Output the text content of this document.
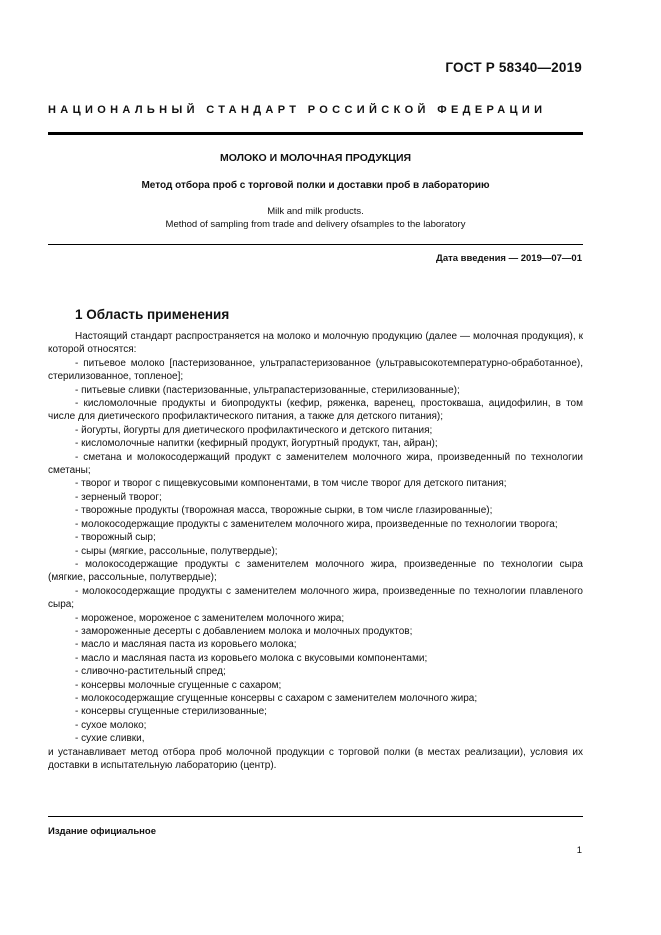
ГОСТ Р 58340—2019
НАЦИОНАЛЬНЫЙ СТАНДАРТ РОССИЙСКОЙ ФЕДЕРАЦИИ
МОЛОКО И МОЛОЧНАЯ ПРОДУКЦИЯ
Метод отбора проб с торговой полки и доставки проб в лабораторию
Milk and milk products.
Method of sampling from trade and delivery ofsamples to the laboratory
Дата введения — 2019—07—01
1 Область применения

Настоящий стандарт распространяется на молоко и молочную продукцию (далее — молочная продукция), к которой относятся:

- питьевое молоко [пастеризованное, ультрапастеризованное (ультравысокотемпературно-обработанное), стерилизованное, топленое];

- питьевые сливки (пастеризованные, ультрапастеризованные, стерилизованные);

- кисломолочные продукты и биопродукты (кефир, ряженка, варенец, простокваша, ацидофилин, в том числе для диетического профилактического питания, а также для детского питания);

- йогурты, йогурты для диетического профилактического и детского питания;

- кисломолочные напитки (кефирный продукт, йогуртный продукт, тан, айран);

- сметана и молокосодержащий продукт с заменителем молочного жира, произведенный по технологии сметаны;

- творог и творог с пищевкусовыми компонентами, в том числе творог для детского питания;

- зерненый творог;

- творожные продукты (творожная масса, творожные сырки, в том числе глазированные);

- молокосодержащие продукты с заменителем молочного жира, произведенные по технологии творога;

- творожный сыр;

- сыры (мягкие, рассольные, полутвердые);

- молокосодержащие продукты с заменителем молочного жира, произведенные по технологии сыра (мягкие, рассольные, полутвердые);

- молокосодержащие продукты с заменителем молочного жира, произведенные по технологии плавленого сыра;

- мороженое, мороженое с заменителем молочного жира;

- замороженные десерты с добавлением молока и молочных продуктов;

- масло и масляная паста из коровьего молока;

- масло и масляная паста из коровьего молока с вкусовыми компонентами;

- сливочно-растительный спред;

- консервы молочные сгущенные с сахаром;

- молокосодержащие сгущенные консервы с сахаром с заменителем молочного жира;

- консервы сгущенные стерилизованные;

- сухое молоко;

- сухие сливки,

и устанавливает метод отбора проб молочной продукции с торговой полки (в местах реализации), условия их доставки в испытательную лабораторию (центр).

Издание официальное
1
